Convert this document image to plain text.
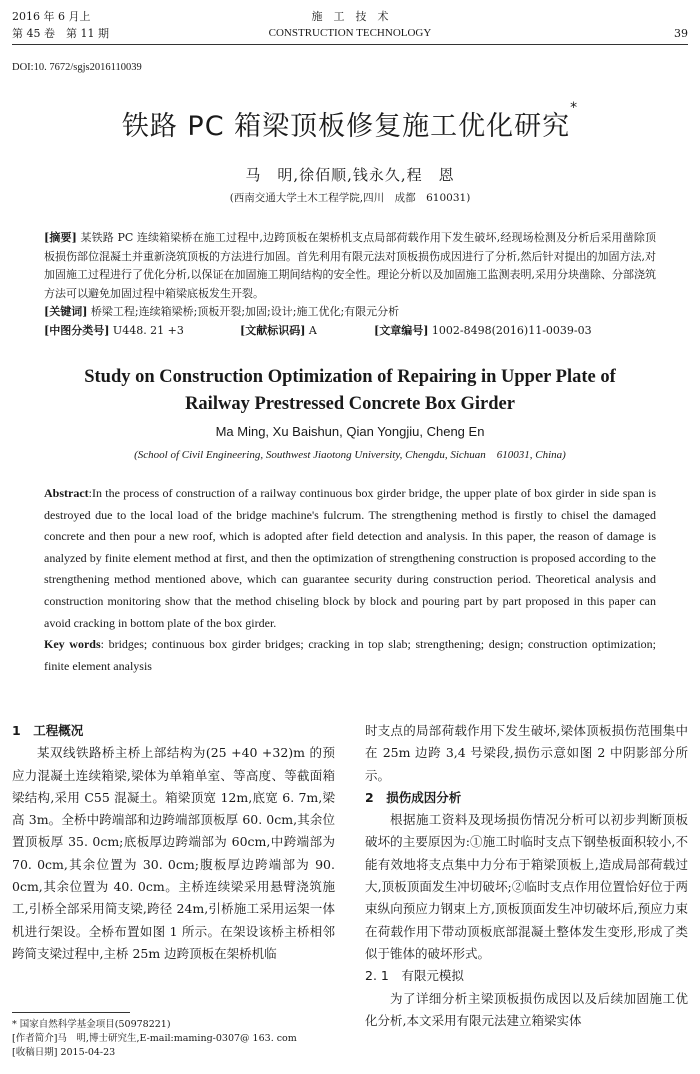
2016 年 6 月上
第 45 卷　第 11 期
施　工　技　术
CONSTRUCTION TECHNOLOGY	39
DOI:10. 7672/sgjs2016110039
铁路 PC 箱梁顶板修复施工优化研究*
马　明,徐佰顺,钱永久,程　恩
(西南交通大学土木工程学院,四川　成都　610031)

[摘要] 某铁路 PC 连续箱梁桥在施工过程中,边跨顶板在架桥机支点局部荷载作用下发生破坏,经现场检测及分析后采用凿除顶板损伤部位混凝土并重新浇筑顶板的方法进行加固。首先利用有限元法对顶板损伤成因进行了分析,然后针对提出的加固方法,对加固施工过程进行了优化分析,以保证在加固施工期间结构的安全性。理论分析以及加固施工监测表明,采用分块凿除、分部浇筑方法可以避免加固过程中箱梁底板发生开裂。

[关键词] 桥梁工程;连续箱梁桥;顶板开裂;加固;设计;施工优化;有限元分析

[中图分类号] U448. 21 +3	[文献标识码] A	[文章编号] 1002-8498(2016)11-0039-03

Study on Construction Optimization of Repairing in Upper Plate of Railway Prestressed Concrete Box Girder
Ma Ming, Xu Baishun, Qian Yongjiu, Cheng En
(School of Civil Engineering, Southwest Jiaotong University, Chengdu, Sichuan　610031, China)

Abstract:In the process of construction of a railway continuous box girder bridge, the upper plate of box girder in side span is destroyed due to the local load of the bridge machine's fulcrum. The strengthening method is firstly to chisel the damaged concrete and then pour a new roof, which is adopted after field detection and analysis. In this paper, the reason of damage is analyzed by finite element method at first, and then the optimization of strengthening construction is proposed according to the strengthening method mentioned above, which can guarantee security during construction period. Theoretical analysis and construction monitoring show that the method chiseling block by block and pouring part by part proposed in this paper can avoid cracking in bottom plate of the box girder.

Key words: bridges; continuous box girder bridges; cracking in top slab; strengthening; design; construction optimization; finite element analysis

1　工程概况

某双线铁路桥主桥上部结构为(25 +40 +32)m 的预应力混凝土连续箱梁,梁体为单箱单室、等高度、等截面箱梁结构,采用 C55 混凝土。箱梁顶宽 12m,底宽 6. 7m,梁高 3m。全桥中跨端部和边跨端部顶板厚 60. 0cm,其余位置顶板厚 35. 0cm;底板厚边跨端部为 60cm,中跨端部为 70. 0cm,其余位置为 30. 0cm;腹板厚边跨端部为 90. 0cm,其余位置为 40. 0cm。主桥连续梁采用悬臂浇筑施工,引桥全部采用简支梁,跨径 24m,引桥施工采用运架一体机进行架设。全桥布置如图 1 所示。在架设该桥主桥相邻跨简支梁过程中,主桥 25m 边跨顶板在架桥机临

时支点的局部荷载作用下发生破坏,梁体顶板损伤范围集中在 25m 边跨 3,4 号梁段,损伤示意如图 2 中阴影部分所示。

2　损伤成因分析

根据施工资料及现场损伤情况分析可以初步判断顶板破坏的主要原因为:①施工时临时支点下钢垫板面积较小,不能有效地将支点集中力分布于箱梁顶板上,造成局部荷载过大,顶板顶面发生冲切破坏;②临时支点作用位置恰好位于两束纵向预应力钢束上方,顶板顶面发生冲切破坏后,预应力束在荷载作用下带动顶板底部混凝土整体发生变形,形成了类似于锥体的破坏形式。

2. 1　有限元模拟

为了详细分析主梁顶板损伤成因以及后续加固施工优化分析,本文采用有限元法建立箱梁实体

* 国家自然科学基金项目(50978221)
[作者简介]马　明,博士研究生,E-mail:maming-0307@ 163. com
[收稿日期] 2015-04-23
